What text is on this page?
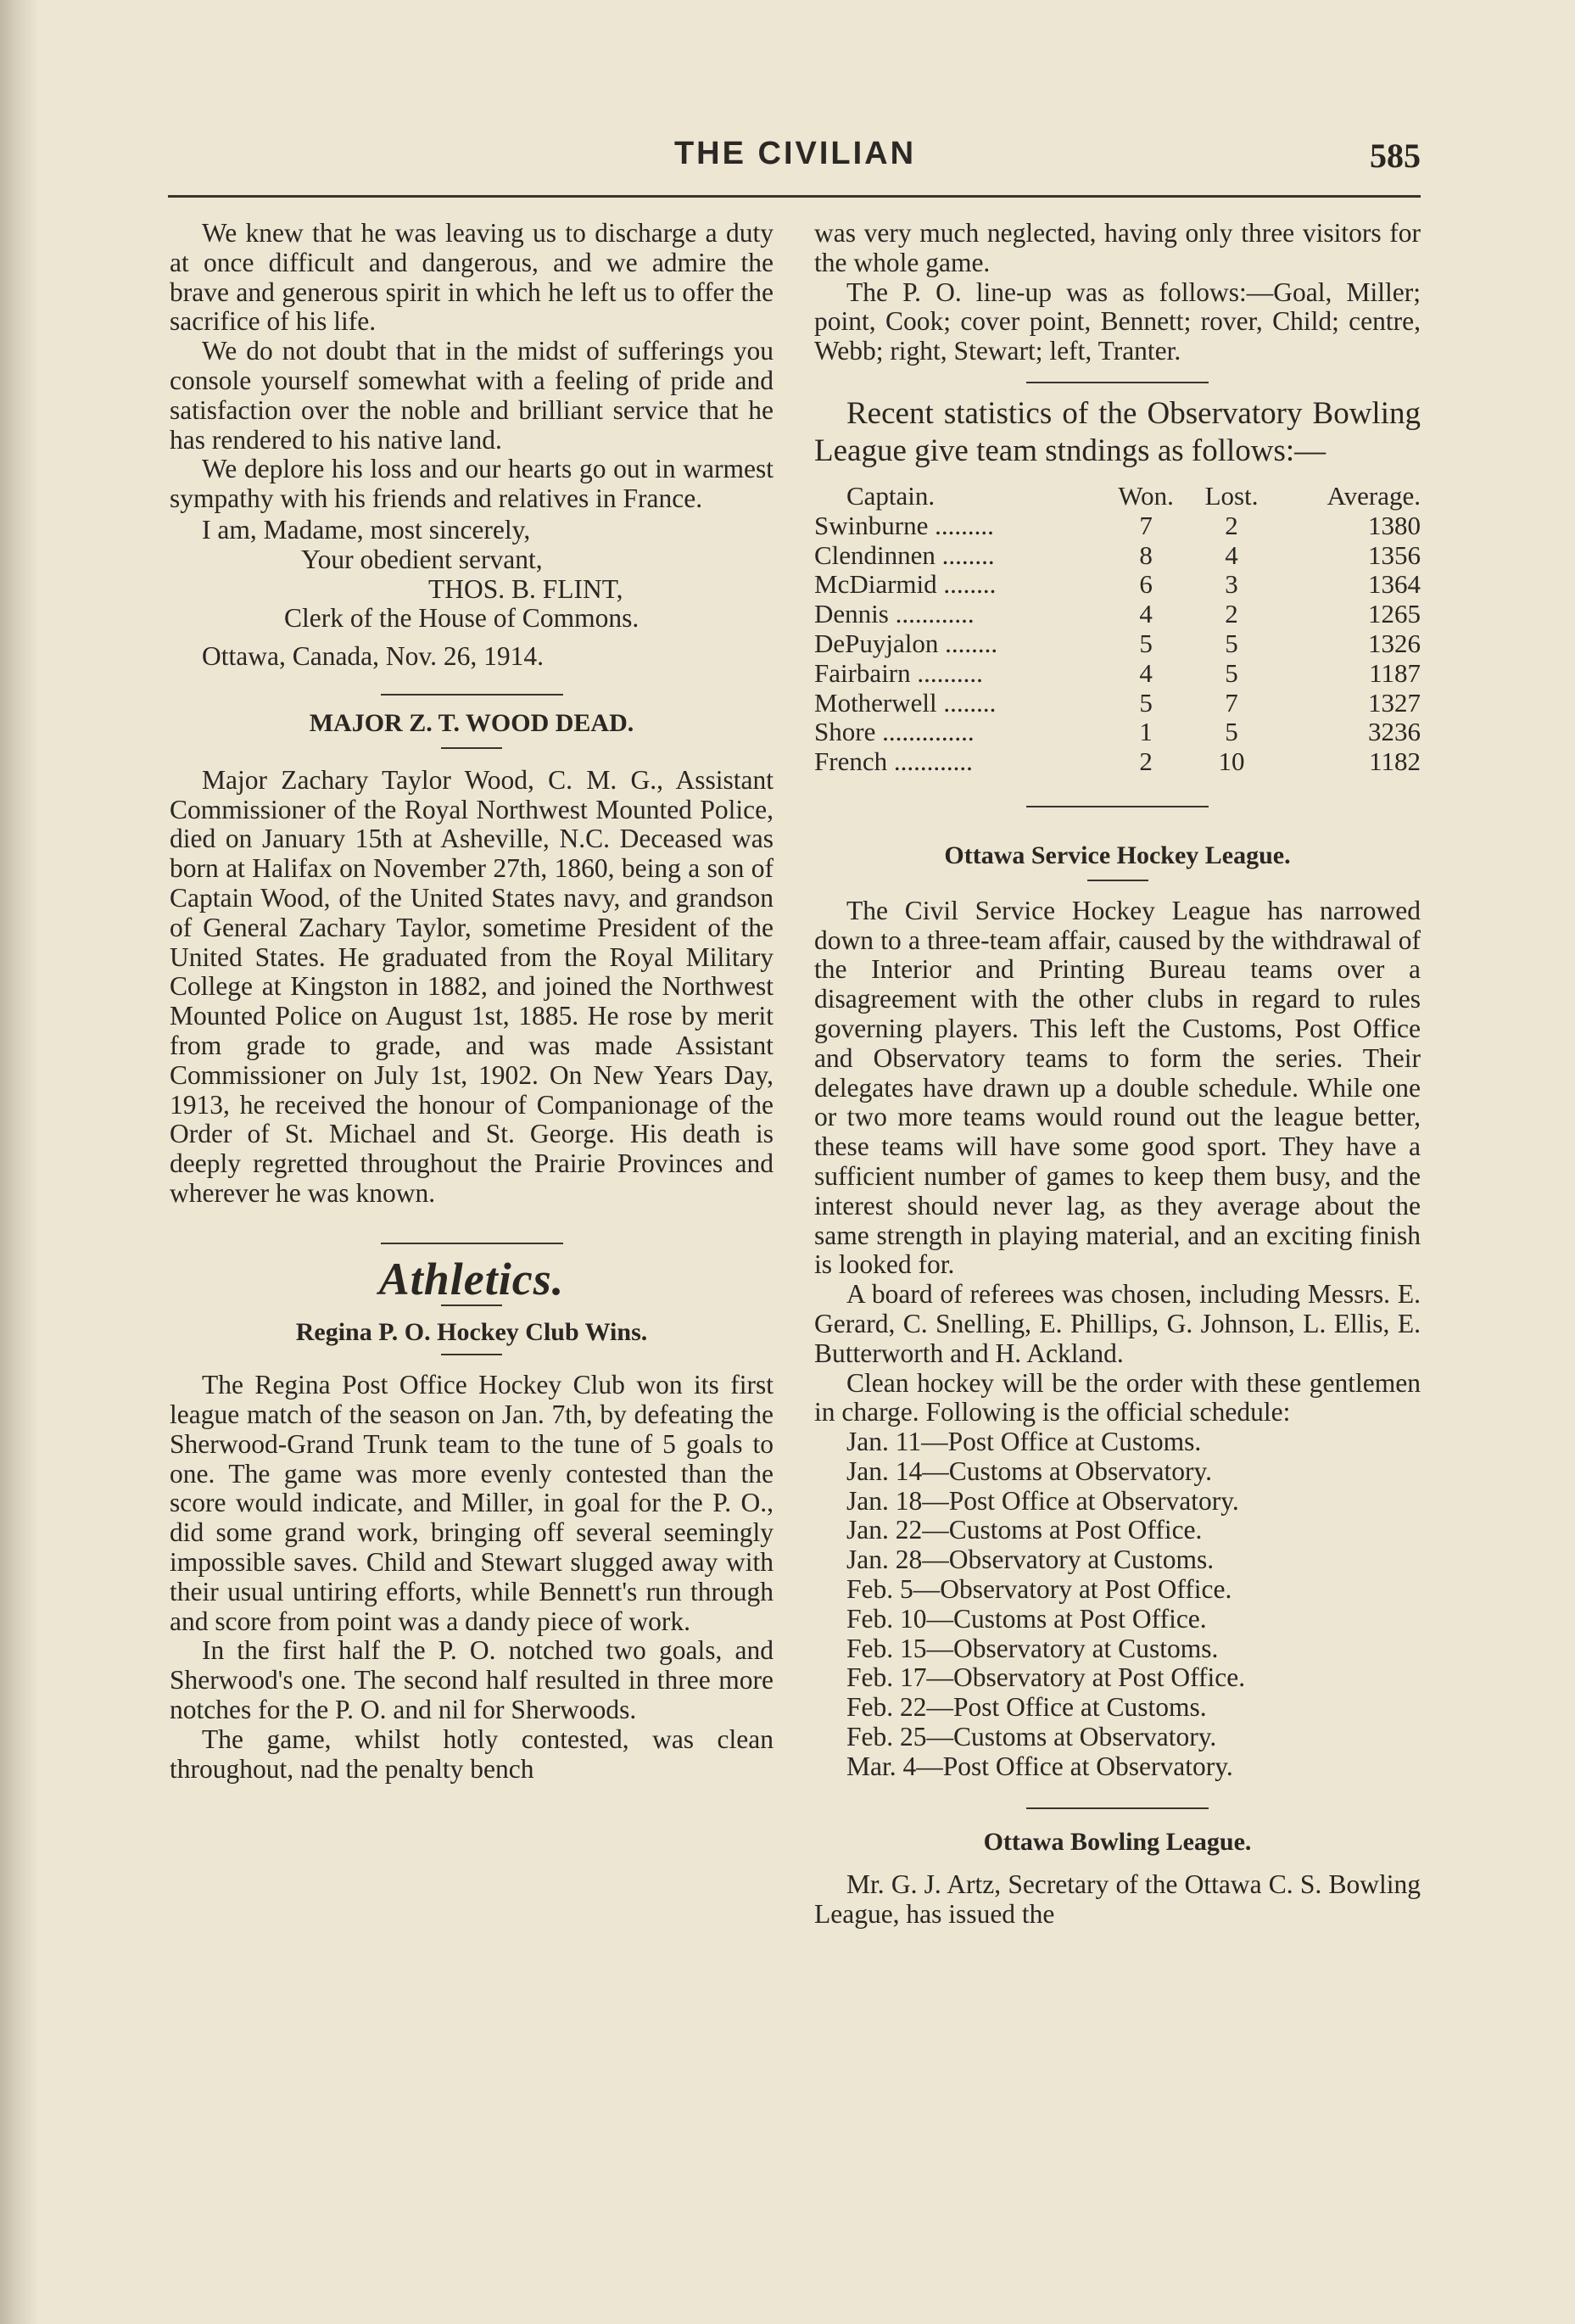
THE CIVILIAN	585

We knew that he was leaving us to discharge a duty at once difficult and dangerous, and we admire the brave and generous spirit in which he left us to offer the sacrifice of his life.

We do not doubt that in the midst of sufferings you console yourself somewhat with a feeling of pride and satisfaction over the noble and brilliant service that he has rendered to his native land.

We deplore his loss and our hearts go out in warmest sympathy with his friends and relatives in France.

I am, Madame, most sincerely,
Your obedient servant,
THOS. B. FLINT,
Clerk of the House of Commons.
Ottawa, Canada, Nov. 26, 1914.
MAJOR Z. T. WOOD DEAD.

Major Zachary Taylor Wood, C. M. G., Assistant Commissioner of the Royal Northwest Mounted Police, died on January 15th at Asheville, N.C. Deceased was born at Halifax on November 27th, 1860, being a son of Captain Wood, of the United States navy, and grandson of General Zachary Taylor, sometime President of the United States. He graduated from the Royal Military College at Kingston in 1882, and joined the Northwest Mounted Police on August 1st, 1885. He rose by merit from grade to grade, and was made Assistant Commissioner on July 1st, 1902. On New Years Day, 1913, he received the honour of Companionage of the Order of St. Michael and St. George. His death is deeply regretted throughout the Prairie Provinces and wherever he was known.

Athletics.
Regina P. O. Hockey Club Wins.

The Regina Post Office Hockey Club won its first league match of the season on Jan. 7th, by defeating the Sherwood-Grand Trunk team to the tune of 5 goals to one. The game was more evenly contested than the score would indicate, and Miller, in goal for the P. O., did some grand work, bringing off several seemingly impossible saves. Child and Stewart slugged away with their usual untiring efforts, while Bennett's run through and score from point was a dandy piece of work.

In the first half the P. O. notched two goals, and Sherwood's one. The second half resulted in three more notches for the P. O. and nil for Sherwoods.

The game, whilst hotly contested, was clean throughout, nad the penalty bench

was very much neglected, having only three visitors for the whole game.

The P. O. line-up was as follows:—Goal, Miller; point, Cook; cover point, Bennett; rover, Child; centre, Webb; right, Stewart; left, Tranter.

Recent statistics of the Observatory Bowling League give team stndings as follows:—

Captain.	Won.	Lost.	Average.
Swinburne .........	7	2	1380
Clendinnen ........	8	4	1356
McDiarmid ........	6	3	1364
Dennis ............	4	2	1265
DePuyjalon ........	5	5	1326
Fairbairn ..........	4	5	1187
Motherwell ........	5	7	1327
Shore ..............	1	5	3236
French ............	2	10	1182
Ottawa Service Hockey League.

The Civil Service Hockey League has narrowed down to a three-team affair, caused by the withdrawal of the Interior and Printing Bureau teams over a disagreement with the other clubs in regard to rules governing players. This left the Customs, Post Office and Observatory teams to form the series. Their delegates have drawn up a double schedule. While one or two more teams would round out the league better, these teams will have some good sport. They have a sufficient number of games to keep them busy, and the interest should never lag, as they average about the same strength in playing material, and an exciting finish is looked for.

A board of referees was chosen, including Messrs. E. Gerard, C. Snelling, E. Phillips, G. Johnson, L. Ellis, E. Butterworth and H. Ackland.

Clean hockey will be the order with these gentlemen in charge. Following is the official schedule:

Jan. 11—Post Office at Customs.
Jan. 14—Customs at Observatory.
Jan. 18—Post Office at Observatory.
Jan. 22—Customs at Post Office.
Jan. 28—Observatory at Customs.
Feb. 5—Observatory at Post Office.
Feb. 10—Customs at Post Office.
Feb. 15—Observatory at Customs.
Feb. 17—Observatory at Post Office.
Feb. 22—Post Office at Customs.
Feb. 25—Customs at Observatory.
Mar. 4—Post Office at Observatory.
Ottawa Bowling League.

Mr. G. J. Artz, Secretary of the Ottawa C. S. Bowling League, has issued the
